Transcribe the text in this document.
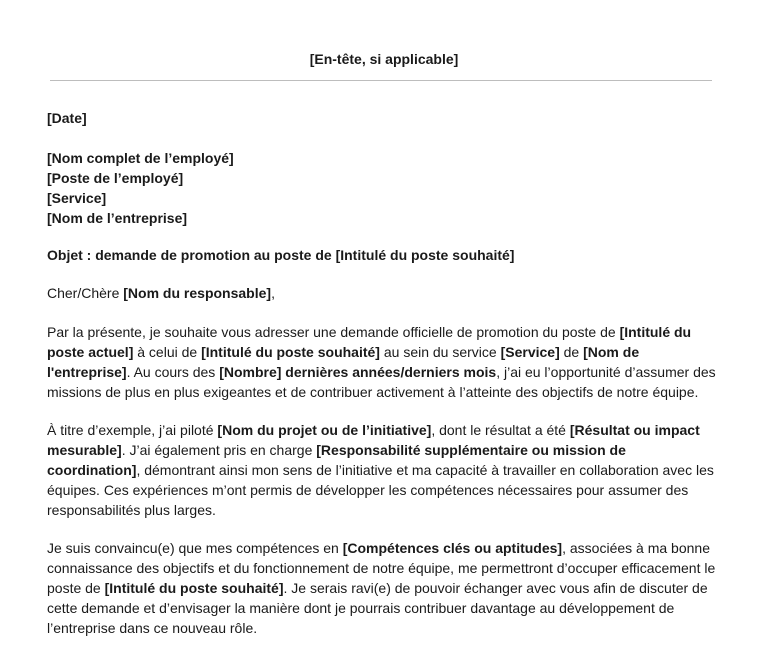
[En-tête, si applicable]

[Date]

[Nom complet de l’employé]

[Poste de l’employé]

[Service]

[Nom de l’entreprise]

Objet : demande de promotion au poste de [Intitulé du poste souhaité]

Cher/Chère [Nom du responsable],

Par la présente, je souhaite vous adresser une demande officielle de promotion du poste de [Intitulé du poste actuel] à celui de [Intitulé du poste souhaité] au sein du service [Service] de [Nom de l'entreprise]. Au cours des [Nombre] dernières années/derniers mois, j’ai eu l’opportunité d’assumer des missions de plus en plus exigeantes et de contribuer activement à l’atteinte des objectifs de notre équipe.

À titre d’exemple, j’ai piloté [Nom du projet ou de l’initiative], dont le résultat a été [Résultat ou impact mesurable]. J’ai également pris en charge [Responsabilité supplémentaire ou mission de coordination], démontrant ainsi mon sens de l’initiative et ma capacité à travailler en collaboration avec les équipes. Ces expériences m’ont permis de développer les compétences nécessaires pour assumer des responsabilités plus larges.

Je suis convaincu(e) que mes compétences en [Compétences clés ou aptitudes], associées à ma bonne connaissance des objectifs et du fonctionnement de notre équipe, me permettront d’occuper efficacement le poste de [Intitulé du poste souhaité]. Je serais ravi(e) de pouvoir échanger avec vous afin de discuter de cette demande et d’envisager la manière dont je pourrais contribuer davantage au développement de l’entreprise dans ce nouveau rôle.
